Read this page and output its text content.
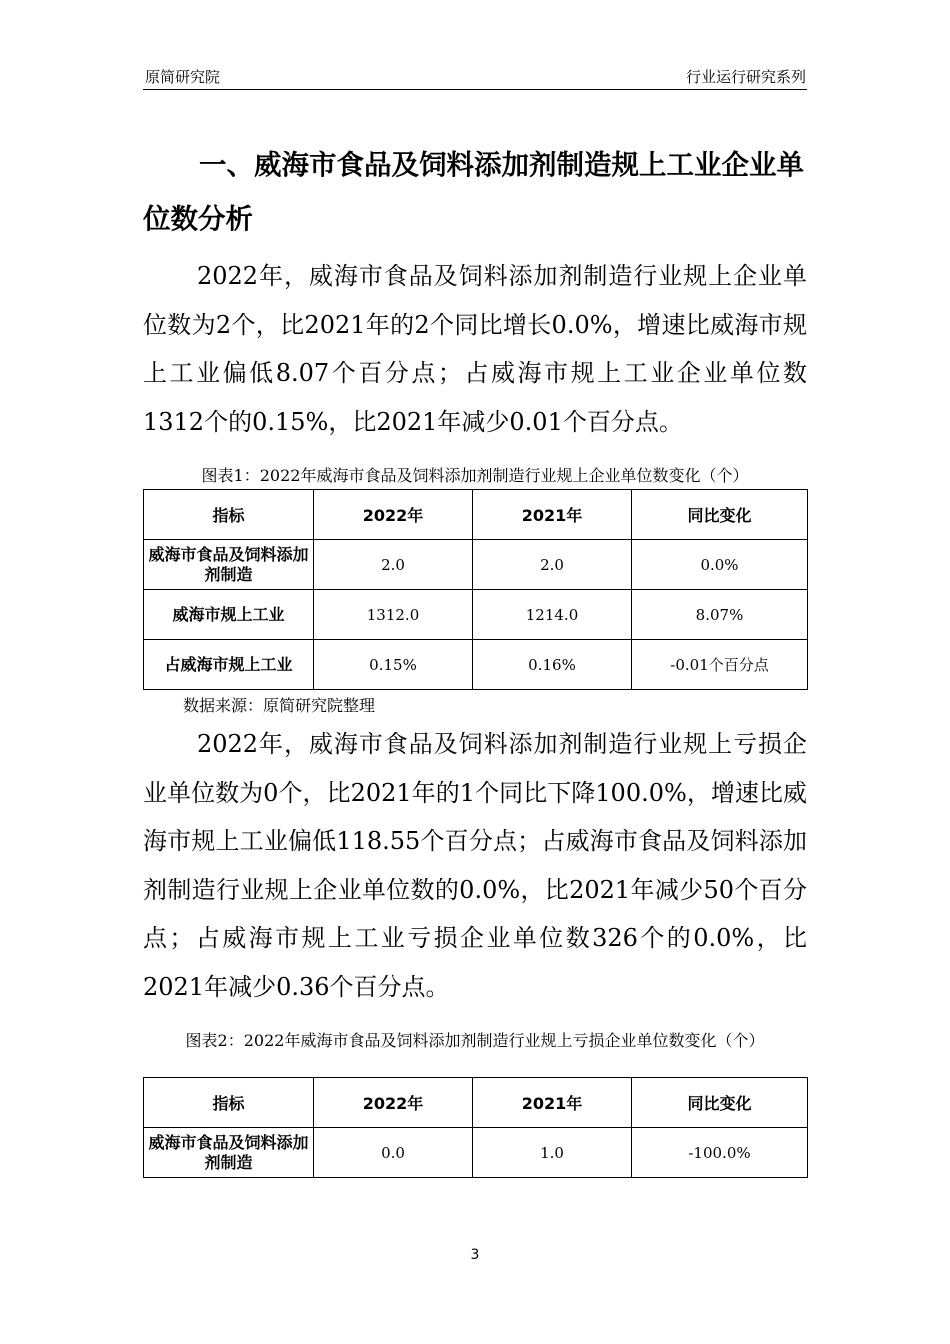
原简研究院	行业运行研究系列
一、威海市食品及饲料添加剂制造规上工业企业单位数分析
2022年，威海市食品及饲料添加剂制造行业规上企业单位数为2个，比2021年的2个同比增长0.0%，增速比威海市规上工业偏低8.07个百分点；占威海市规上工业企业单位数1312个的0.15%，比2021年减少0.01个百分点。
图表1：2022年威海市食品及饲料添加剂制造行业规上企业单位数变化（个）
指标	2022年	2021年	同比变化
威海市食品及饲料添加剂制造	2.0	2.0	0.0%
威海市规上工业	1312.0	1214.0	8.07%
占威海市规上工业	0.15%	0.16%	-0.01个百分点
数据来源：原简研究院整理
2022年，威海市食品及饲料添加剂制造行业规上亏损企业单位数为0个，比2021年的1个同比下降100.0%，增速比威海市规上工业偏低118.55个百分点；占威海市食品及饲料添加剂制造行业规上企业单位数的0.0%，比2021年减少50个百分点；占威海市规上工业亏损企业单位数326个的0.0%，比2021年减少0.36个百分点。
图表2：2022年威海市食品及饲料添加剂制造行业规上亏损企业单位数变化（个）
指标	2022年	2021年	同比变化
威海市食品及饲料添加剂制造	0.0	1.0	-100.0%
3
